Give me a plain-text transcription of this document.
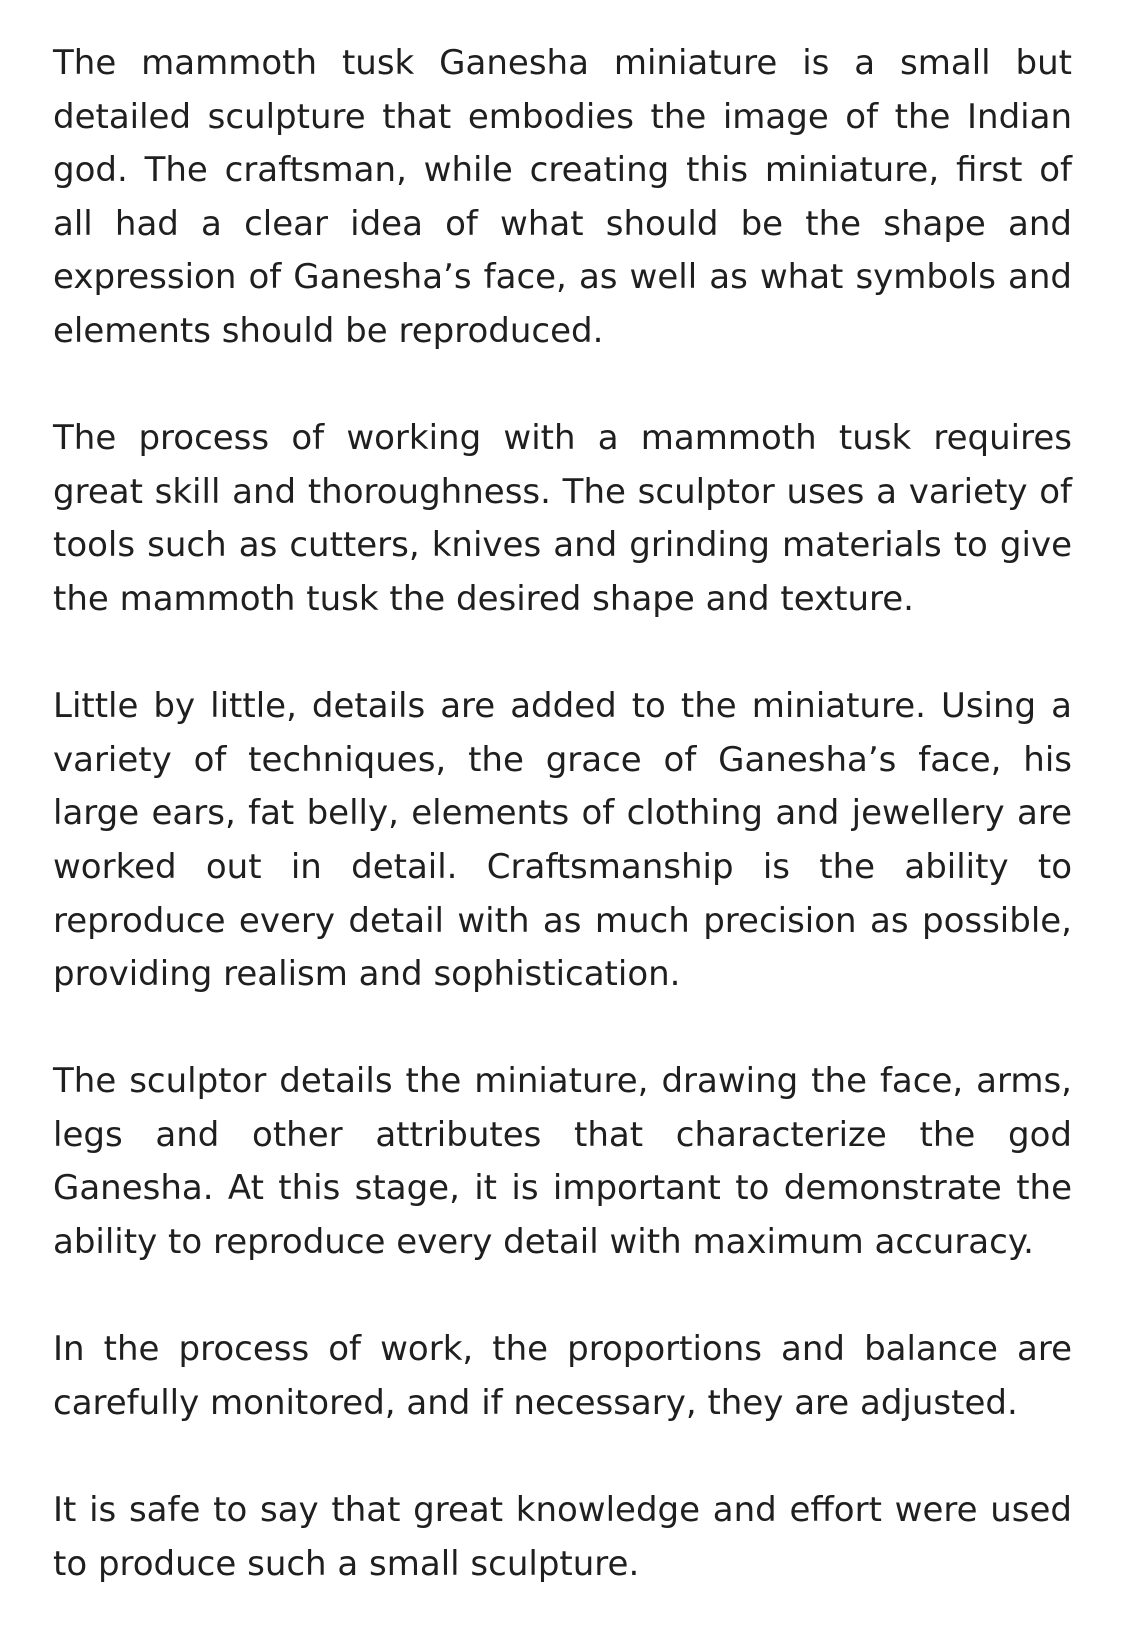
The mammoth tusk Ganesha miniature is a small but detailed sculpture that embodies the image of the Indian god. The craftsman, while creating this miniature, first of all had a clear idea of what should be the shape and expression of Ganesha’s face, as well as what symbols and elements should be reproduced.

The process of working with a mammoth tusk requires great skill and thoroughness. The sculptor uses a variety of tools such as cutters, knives and grinding materials to give the mammoth tusk the desired shape and texture.

Little by little, details are added to the miniature. Using a variety of techniques, the grace of Ganesha’s face, his large ears, fat belly, elements of clothing and jewellery are worked out in detail. Craftsmanship is the ability to reproduce every detail with as much precision as possible, providing realism and sophistication.

The sculptor details the miniature, drawing the face, arms, legs and other attributes that characterize the god Ganesha. At this stage, it is important to demonstrate the ability to reproduce every detail with maximum accuracy.

In the process of work, the proportions and balance are carefully monitored, and if necessary, they are adjusted.

It is safe to say that great knowledge and effort were used to produce such a small sculpture.
